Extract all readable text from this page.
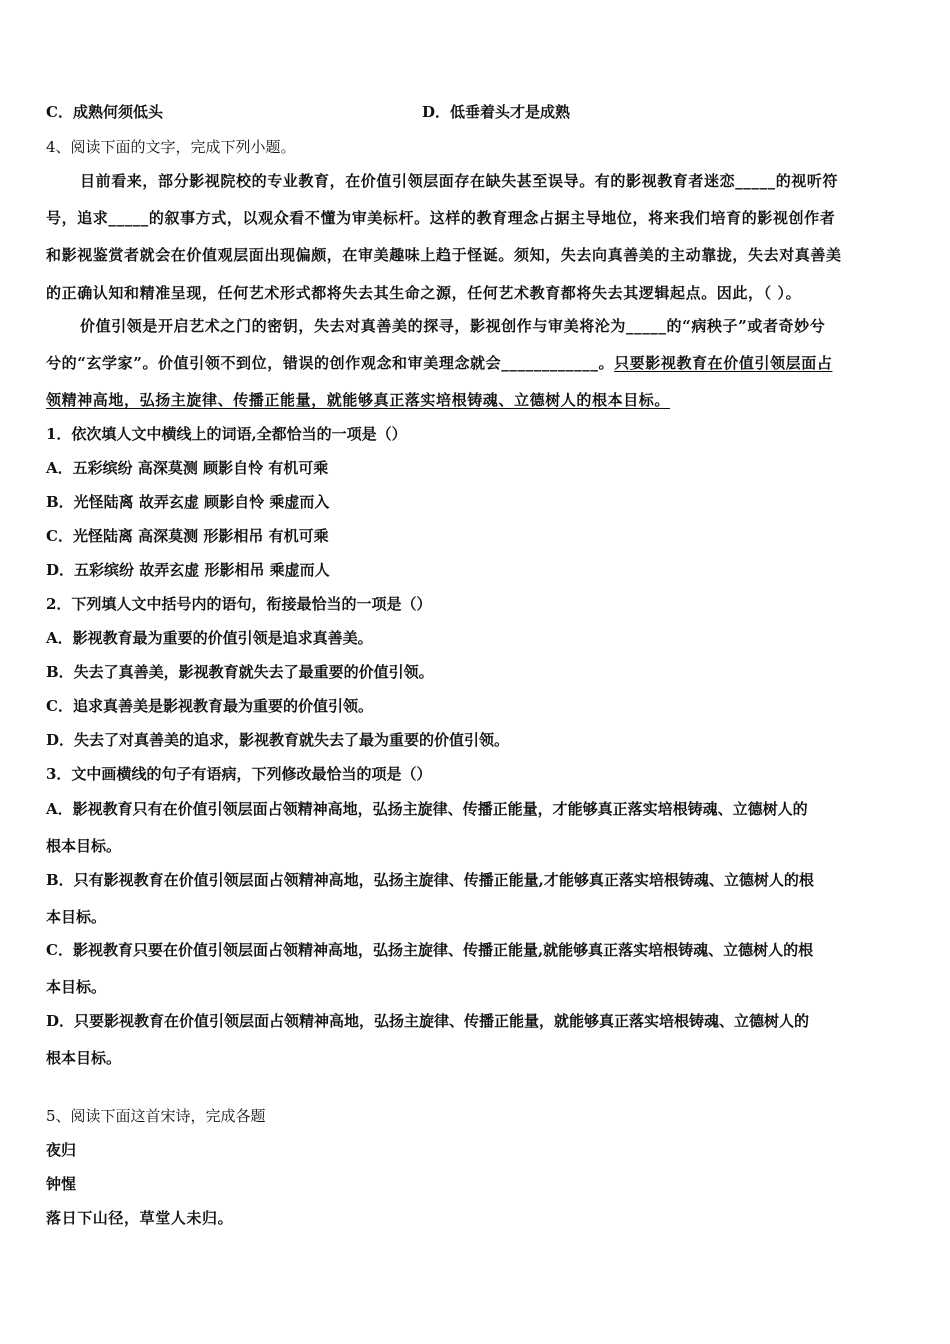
C．成熟何须低头	D．低垂着头才是成熟
4、阅读下面的文字，完成下列小题。
目前看来，部分影视院校的专业教育，在价值引领层面存在缺失甚至误导。有的影视教育者迷恋_____的视听符
号，追求_____的叙事方式，以观众看不懂为审美标杆。这样的教育理念占据主导地位，将来我们培育的影视创作者
和影视鉴赏者就会在价值观层面出现偏颇，在审美趣味上趋于怪诞。须知，失去向真善美的主动靠拢，失去对真善美
的正确认知和精准呈现，任何艺术形式都将失去其生命之源，任何艺术教育都将失去其逻辑起点。因此，（ ）。
价值引领是开启艺术之门的密钥，失去对真善美的探寻，影视创作与审美将沦为_____的“病秧子”或者奇妙兮
兮的“玄学家”。价值引领不到位，错误的创作观念和审美理念就会____________。只要影视教育在价值引领层面占
领精神高地，弘扬主旋律、传播正能量，就能够真正落实培根铸魂、立德树人的根本目标。
1．依次填人文中横线上的词语,全都恰当的一项是（）
A．五彩缤纷 高深莫测 顾影自怜 有机可乘
B．光怪陆离 故弄玄虚 顾影自怜 乘虚而入
C．光怪陆离 高深莫测 形影相吊 有机可乘
D．五彩缤纷 故弄玄虚 形影相吊 乘虚而人
2．下列填人文中括号内的语句，衔接最恰当的一项是（）
A．影视教育最为重要的价值引领是追求真善美。
B．失去了真善美，影视教育就失去了最重要的价值引领。
C．追求真善美是影视教育最为重要的价值引领。
D．失去了对真善美的追求，影视教育就失去了最为重要的价值引领。
3．文中画横线的句子有语病，下列修改最恰当的项是（）
A．影视教育只有在价值引领层面占领精神高地，弘扬主旋律、传播正能量，才能够真正落实培根铸魂、立德树人的
根本目标。
B．只有影视教育在价值引领层面占领精神高地，弘扬主旋律、传播正能量,才能够真正落实培根铸魂、立德树人的根
本目标。
C．影视教育只要在价值引领层面占领精神高地，弘扬主旋律、传播正能量,就能够真正落实培根铸魂、立德树人的根
本目标。
D．只要影视教育在价值引领层面占领精神高地，弘扬主旋律、传播正能量，就能够真正落实培根铸魂、立德树人的
根本目标。
5、阅读下面这首宋诗，完成各题
夜归
钟惺
落日下山径，草堂人未归。
